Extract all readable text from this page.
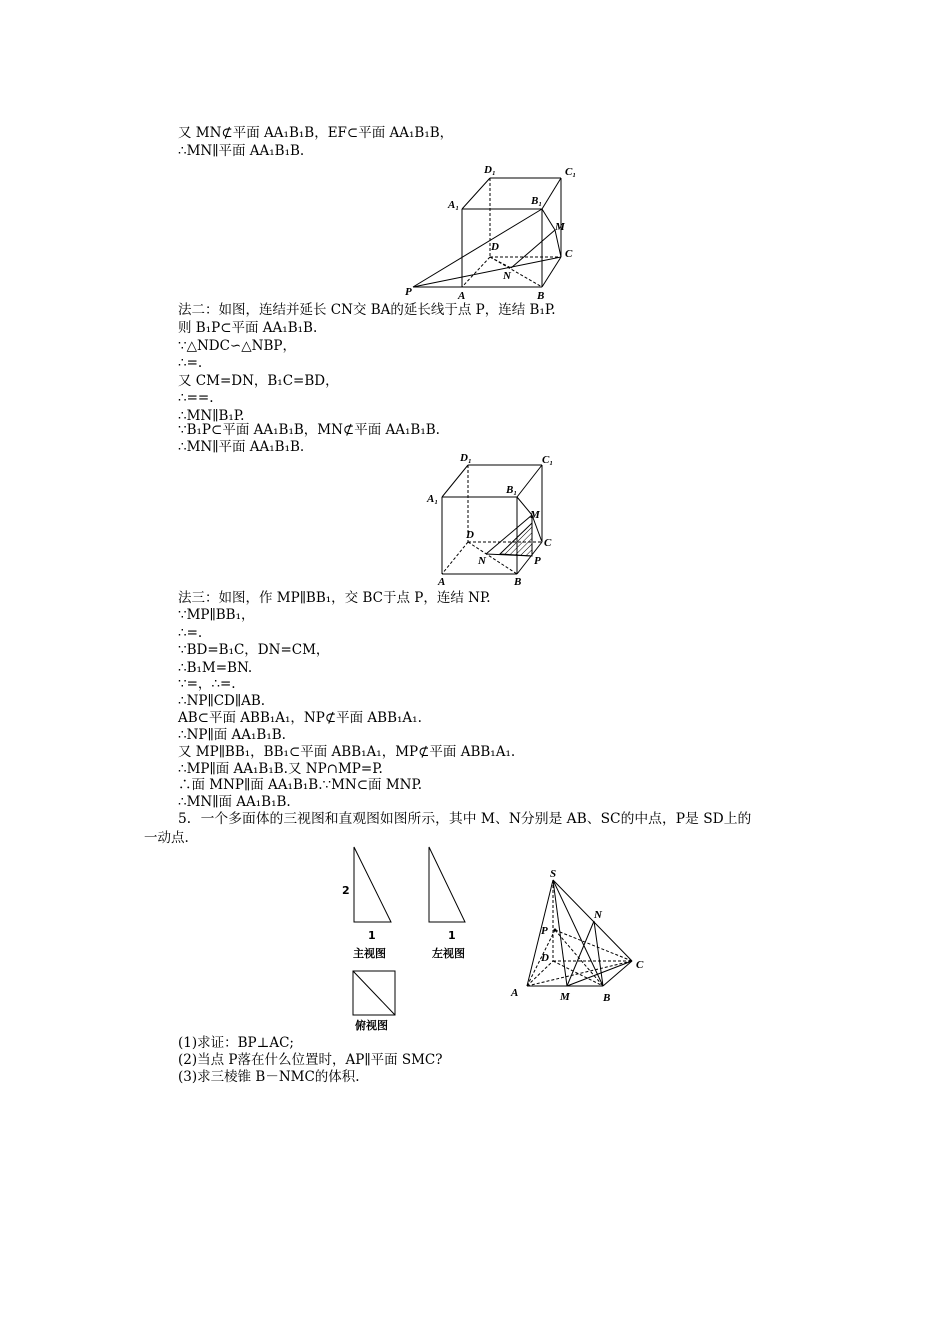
又 MN⊄平面 AA₁B₁B，EF⊂平面 AA₁B₁B，
∴MN∥平面 AA₁B₁B.
D₁	C₁
A₁	B₁
M
D
C
N
P	A	B
法二：如图，连结并延长 CN交 BA的延长线于点 P，连结 B₁P.
则 B₁P⊂平面 AA₁B₁B.
∵△NDC∽△NBP，
∴=.
又 CM=DN，B₁C=BD，
∴==.
∴MN∥B₁P.
∵B₁P⊂平面 AA₁B₁B，MN⊄平面 AA₁B₁B.
∴MN∥平面 AA₁B₁B.
D₁	C₁
A₁
B₁
M
D
C
N	P
A	B
法三：如图，作 MP∥BB₁，交 BC于点 P，连结 NP.
∵MP∥BB₁，
∴=.
∵BD=B₁C，DN=CM，
∴B₁M=BN.
∵=，∴=.
∴NP∥CD∥AB.
AB⊂平面 ABB₁A₁，NP⊄平面 ABB₁A₁.
∴NP∥面 AA₁B₁B.
又 MP∥BB₁，BB₁⊂平面 ABB₁A₁，MP⊄平面 ABB₁A₁.
∴MP∥面 AA₁B₁B.又 NP∩MP=P.
∴面 MNP∥面 AA₁B₁B.∵MN⊂面 MNP.
∴MN∥面 AA₁B₁B.
5．一个多面体的三视图和直观图如图所示，其中 M、N分别是 AB、SC的中点，P是 SD上的
一动点.
2
1
主视图
1
左视图
俯视图
S
N
P
D
C
A	M	B
(1)求证：BP⊥AC;
(2)当点 P落在什么位置时，AP∥平面 SMC?
(3)求三棱锥 B－NMC的体积.
